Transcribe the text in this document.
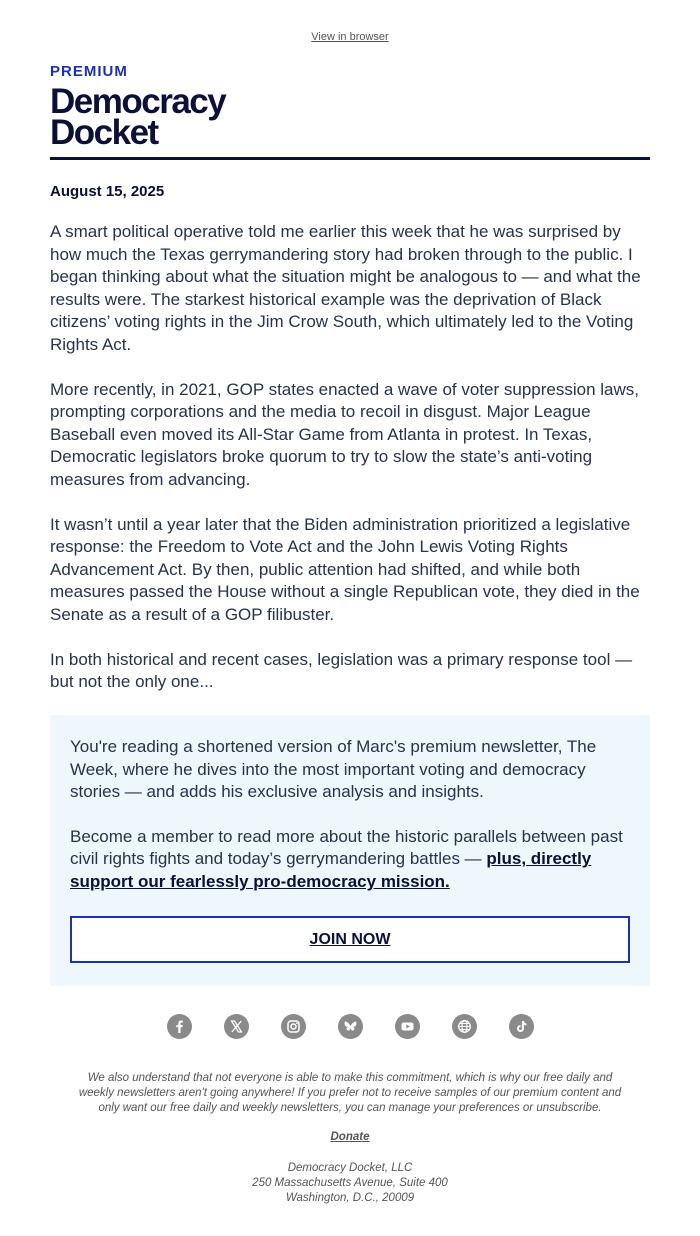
View in browser
PREMIUM
Democracy
Docket
August 15, 2025

A smart political operative told me earlier this week that he was surprised by how much the Texas gerrymandering story had broken through to the public. I began thinking about what the situation might be analogous to — and what the results were. The starkest historical example was the deprivation of Black citizens’ voting rights in the Jim Crow South, which ultimately led to the Voting Rights Act.

More recently, in 2021, GOP states enacted a wave of voter suppression laws, prompting corporations and the media to recoil in disgust. Major League Baseball even moved its All-Star Game from Atlanta in protest. In Texas, Democratic legislators broke quorum to try to slow the state’s anti-voting measures from advancing.

It wasn’t until a year later that the Biden administration prioritized a legislative response: the Freedom to Vote Act and the John Lewis Voting Rights Advancement Act. By then, public attention had shifted, and while both measures passed the House without a single Republican vote, they died in the Senate as a result of a GOP filibuster.

In both historical and recent cases, legislation was a primary response tool — but not the only one...

You're reading a shortened version of Marc's premium newsletter, The Week, where he dives into the most important voting and democracy stories — and adds his exclusive analysis and insights.

Become a member to read more about the historic parallels between past civil rights fights and today’s gerrymandering battles — plus, directly support our fearlessly pro-democracy mission.

JOIN NOW

We also understand that not everyone is able to make this commitment, which is why our free daily and weekly newsletters aren't going anywhere! If you prefer not to receive samples of our premium content and only want our free daily and weekly newsletters, you can manage your preferences or unsubscribe.
Donate
Democracy Docket, LLC
250 Massachusetts Avenue, Suite 400
Washington, D.C., 20009
